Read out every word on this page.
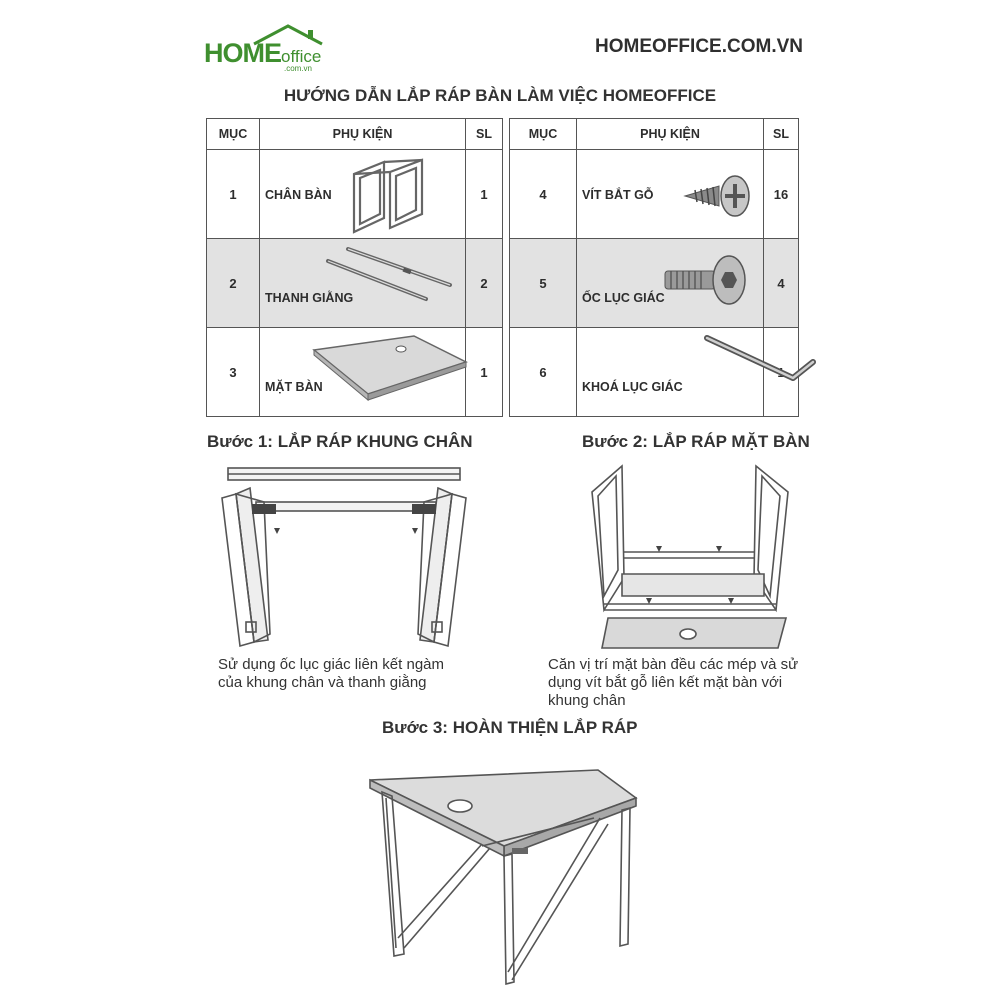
HOMEoffice
.com.vn
HOMEOFFICE.COM.VN
HƯỚNG DẪN LẮP RÁP BÀN LÀM VIỆC HOMEOFFICE
MỤC	PHỤ KIỆN	SL
1	CHÂN BÀN	1
2	THANH GIẰNG	2
3	MẶT BÀN	1
MỤC	PHỤ KIỆN	SL
4	VÍT BẮT GỖ	16
5	ỐC LỤC GIÁC	4
6	KHOÁ LỤC GIÁC	1
Bước 1: LẮP RÁP KHUNG CHÂN
Sử dụng ốc lục giác liên kết ngàm của khung chân và thanh giằng
Bước 2: LẮP RÁP MẶT BÀN
Căn vị trí mặt bàn đều các mép và sử dụng vít bắt gỗ liên kết mặt bàn với khung chân
Bước 3: HOÀN THIỆN LẮP RÁP
